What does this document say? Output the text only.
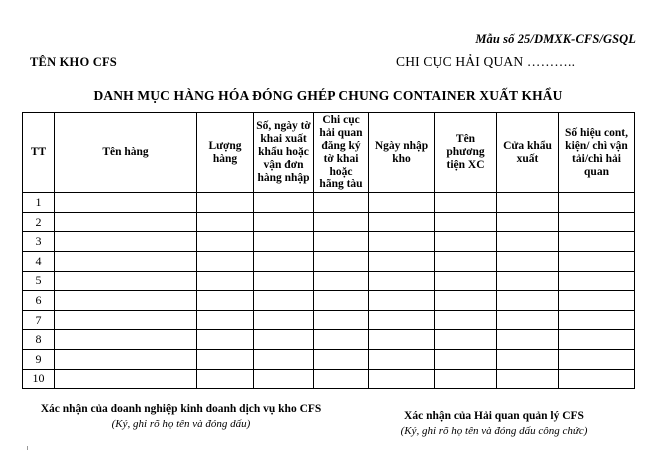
Mẫu số 25/DMXK-CFS/GSQL
TÊN KHO CFS	CHI CỤC HẢI QUAN ………..
DANH MỤC HÀNG HÓA ĐÓNG GHÉP CHUNG CONTAINER XUẤT KHẨU
TT	Tên hàng	Lượng hàng	Số, ngày tờ khai xuất khẩu hoặc vận đơn hàng nhập	Chi cục hải quan đăng ký tờ khai hoặc hãng tàu	Ngày nhập kho	Tên phương tiện XC	Cửa khẩu xuất	Số hiệu cont, kiện/ chì vận tải/chì hải quan
1								
2								
3								
4								
5								
6								
7								
8								
9								
10								
Xác nhận của doanh nghiệp kinh doanh dịch vụ kho CFS
(Ký, ghi rõ họ tên và đóng dấu)
Xác nhận của Hải quan quản lý CFS
(Ký, ghi rõ họ tên và đóng dấu công chức)
